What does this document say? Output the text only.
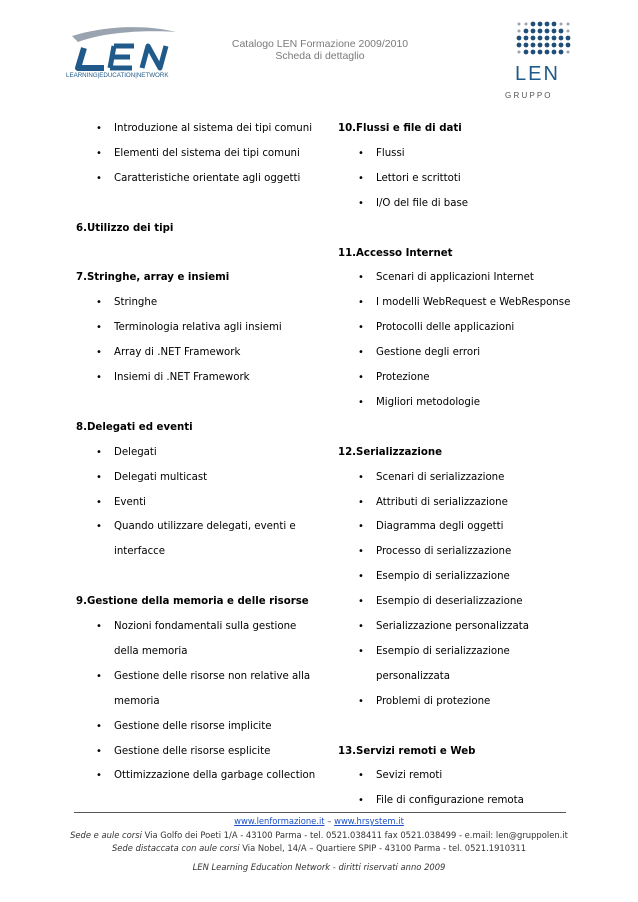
LEARNING|EDUCATION|NETWORK
Catalogo LEN Formazione 2009/2010
Scheda di dettaglio
LEN
G R U P P O
• Introduzione al sistema dei tipi comuni
• Elementi del sistema dei tipi comuni
• Caratteristiche orientate agli oggetti
6.Utilizzo dei tipi
7.Stringhe, array e insiemi
• Stringhe
• Terminologia relativa agli insiemi
• Array di .NET Framework
• Insiemi di .NET Framework
8.Delegati ed eventi
• Delegati
• Delegati multicast
• Eventi
• Quando utilizzare delegati, eventi e
interfacce
9.Gestione della memoria e delle risorse
• Nozioni fondamentali sulla gestione
della memoria
• Gestione delle risorse non relative alla
memoria
• Gestione delle risorse implicite
• Gestione delle risorse esplicite
• Ottimizzazione della garbage collection
10.Flussi e file di dati
• Flussi
• Lettori e scrittoti
• I/O del file di base
11.Accesso Internet
• Scenari di applicazioni Internet
• I modelli WebRequest e WebResponse
• Protocolli delle applicazioni
• Gestione degli errori
• Protezione
• Migliori metodologie
12.Serializzazione
• Scenari di serializzazione
• Attributi di serializzazione
• Diagramma degli oggetti
• Processo di serializzazione
• Esempio di serializzazione
• Esempio di deserializzazione
• Serializzazione personalizzata
• Esempio di serializzazione
personalizzata
• Problemi di protezione
13.Servizi remoti e Web
• Sevizi remoti
• File di configurazione remota
www.lenformazione.it – www.hrsystem.it
Sede e aule corsi Via Golfo dei Poeti 1/A - 43100 Parma - tel. 0521.038411 fax 0521.038499 - e.mail: len@gruppolen.it
Sede distaccata con aule corsi Via Nobel, 14/A – Quartiere SPIP - 43100 Parma - tel. 0521.1910311
LEN Learning Education Network - diritti riservati anno 2009
